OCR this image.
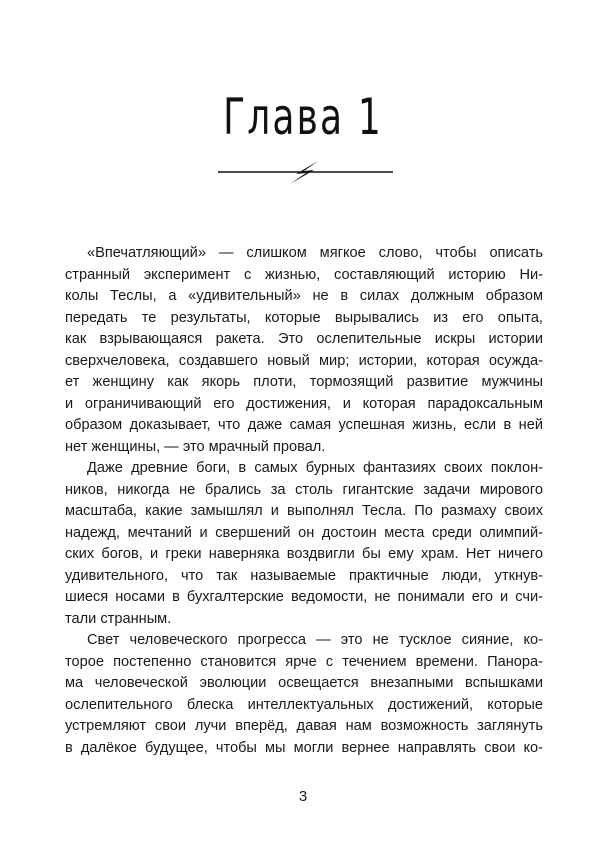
Глава 1

«Впечатляющий» — слишком мягкое слово, чтобы описать
странный эксперимент с жизнью, составляющий историю Ни-
колы Теслы, а «удивительный» не в силах должным образом
передать те результаты, которые вырывались из его опыта,
как взрывающаяся ракета. Это ослепительные искры истории
сверхчеловека, создавшего новый мир; истории, которая осужда-
ет женщину как якорь плоти, тормозящий развитие мужчины
и ограничивающий его достижения, и которая парадоксальным
образом доказывает, что даже самая успешная жизнь, если в ней
нет женщины, — это мрачный провал.

Даже древние боги, в самых бурных фантазиях своих поклон-
ников, никогда не брались за столь гигантские задачи мирового
масштаба, какие замышлял и выполнял Тесла. По размаху своих
надежд, мечтаний и свершений он достоин места среди олимпий-
ских богов, и греки наверняка воздвигли бы ему храм. Нет ничего
удивительного, что так называемые практичные люди, уткнув-
шиеся носами в бухгалтерские ведомости, не понимали его и счи-
тали странным.

Свет человеческого прогресса — это не тусклое сияние, ко-
торое постепенно становится ярче с течением времени. Панора-
ма человеческой эволюции освещается внезапными вспышками
ослепительного блеска интеллектуальных достижений, которые
устремляют свои лучи вперёд, давая нам возможность заглянуть
в далёкое будущее, чтобы мы могли вернее направлять свои ко-

3
